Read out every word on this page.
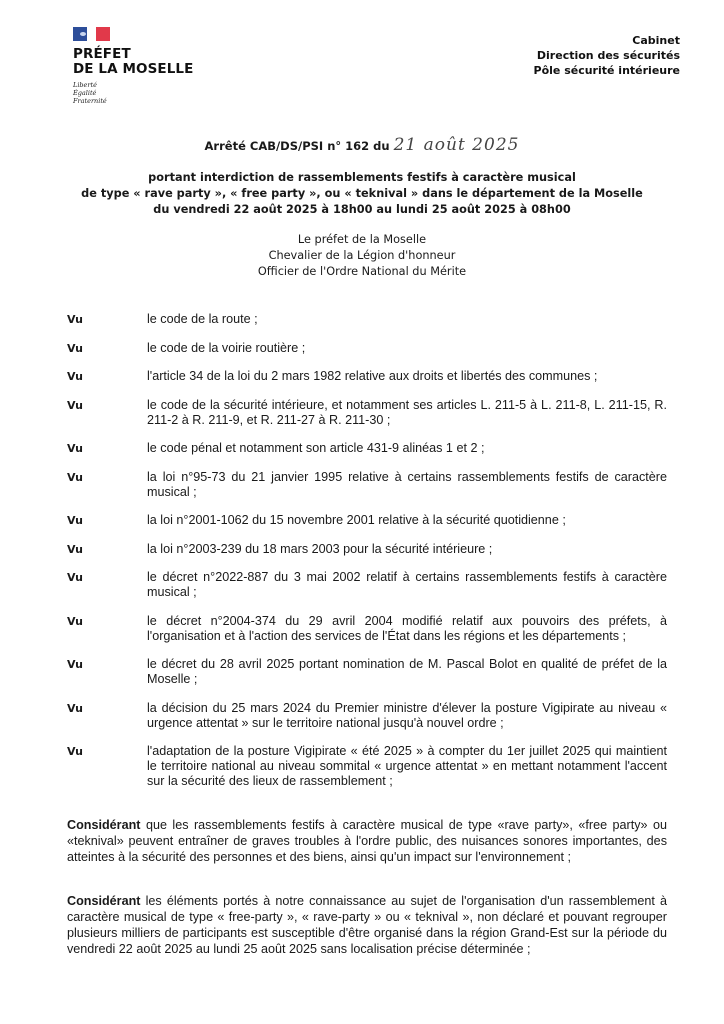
PRÉFET
DE LA MOSELLE
Liberté
Égalité
Fraternité
Cabinet
Direction des sécurités
Pôle sécurité intérieure
Arrêté CAB/DS/PSI n° 162 du 21 août 2025
portant interdiction de rassemblements festifs à caractère musical
de type « rave party », « free party », ou « teknival » dans le département de la Moselle
du vendredi 22 août 2025 à 18h00 au lundi 25 août 2025 à 08h00
Le préfet de la Moselle
Chevalier de la Légion d'honneur
Officier de l'Ordre National du Mérite
Vu	le code de la route ;
Vu	le code de la voirie routière ;
Vu	l'article 34 de la loi du 2 mars 1982 relative aux droits et libertés des communes ;
Vu	le code de la sécurité intérieure, et notamment ses articles L. 211-5 à L. 211-8, L. 211-15, R. 211-2 à R. 211-9, et R. 211-27 à R. 211-30 ;
Vu	le code pénal et notamment son article 431-9 alinéas 1 et 2 ;
Vu	la loi n°95-73 du 21 janvier 1995 relative à certains rassemblements festifs de caractère musical ;
Vu	la loi n°2001-1062 du 15 novembre 2001 relative à la sécurité quotidienne ;
Vu	la loi n°2003-239 du 18 mars 2003 pour la sécurité intérieure ;
Vu	le décret n°2022-887 du 3 mai 2002 relatif à certains rassemblements festifs à caractère musical ;
Vu	le décret n°2004-374 du 29 avril 2004 modifié relatif aux pouvoirs des préfets, à l'organisation et à l'action des services de l'État dans les régions et les départements ;
Vu	le décret du 28 avril 2025 portant nomination de M. Pascal Bolot en qualité de préfet de la Moselle ;
Vu	la décision du 25 mars 2024 du Premier ministre d'élever la posture Vigipirate au niveau « urgence attentat » sur le territoire national jusqu'à nouvel ordre ;
Vu	l'adaptation de la posture Vigipirate « été 2025 » à compter du 1er juillet 2025 qui maintient le territoire national au niveau sommital « urgence attentat » en mettant notamment l'accent sur la sécurité des lieux de rassemblement ;
Considérant que les rassemblements festifs à caractère musical de type «rave party», «free party» ou «teknival» peuvent entraîner de graves troubles à l'ordre public, des nuisances sonores importantes, des atteintes à la sécurité des personnes et des biens, ainsi qu'un impact sur l'environnement ;
Considérant les éléments portés à notre connaissance au sujet de l'organisation d'un rassemblement à caractère musical de type « free-party », « rave-party » ou « teknival », non déclaré et pouvant regrouper plusieurs milliers de participants est susceptible d'être organisé dans la région Grand-Est sur la période du vendredi 22 août 2025 au lundi 25 août 2025 sans localisation précise déterminée ;
